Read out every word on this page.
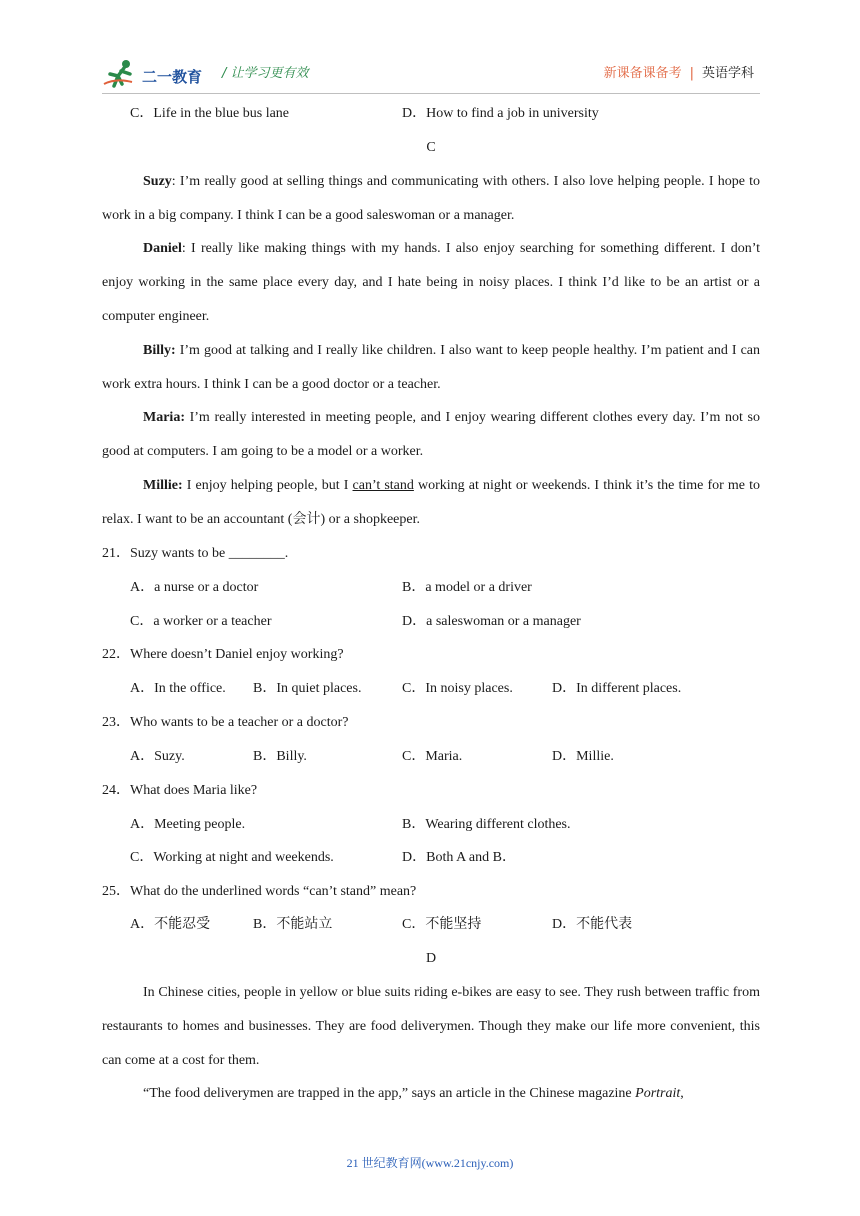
二一教育 / 让学习更有效	新课备课备考 | 英语学科
C．Life in the blue bus lane	D．How to find a job in university
C
Suzy: I’m really good at selling things and communicating with others. I also love helping people. I hope to work in a big company. I think I can be a good saleswoman or a manager.
Daniel: I really like making things with my hands. I also enjoy searching for something different. I don’t enjoy working in the same place every day, and I hate being in noisy places. I think I’d like to be an artist or a computer engineer.
Billy: I’m good at talking and I really like children. I also want to keep people healthy. I’m patient and I can work extra hours. I think I can be a good doctor or a teacher.
Maria: I’m really interested in meeting people, and I enjoy wearing different clothes every day. I’m not so good at computers. I am going to be a model or a worker.
Millie: I enjoy helping people, but I can’t stand working at night or weekends. I think it’s the time for me to relax. I want to be an accountant (会计) or a shopkeeper.
21．Suzy wants to be ________.
A．a nurse or a doctor	B．a model or a driver
C．a worker or a teacher	D．a saleswoman or a manager
22．Where doesn’t Daniel enjoy working?
A．In the office. B．In quiet places.	C．In noisy places.	D．In different places.
23．Who wants to be a teacher or a doctor?
A．Suzy.	B．Billy.	C．Maria.	D．Millie.
24．What does Maria like?
A．Meeting people.	B．Wearing different clothes.
C．Working at night and weekends.	D．Both A and B．
25．What do the underlined words “can’t stand” mean?
A．不能忍受	B．不能站立	C．不能坚持	D．不能代表
D
In Chinese cities, people in yellow or blue suits riding e-bikes are easy to see. They rush between traffic from restaurants to homes and businesses. They are food deliverymen. Though they make our life more convenient, this can come at a cost for them.
“The food deliverymen are trapped in the app,” says an article in the Chinese magazine Portrait,
21 世纪教育网(www.21cnjy.com)
